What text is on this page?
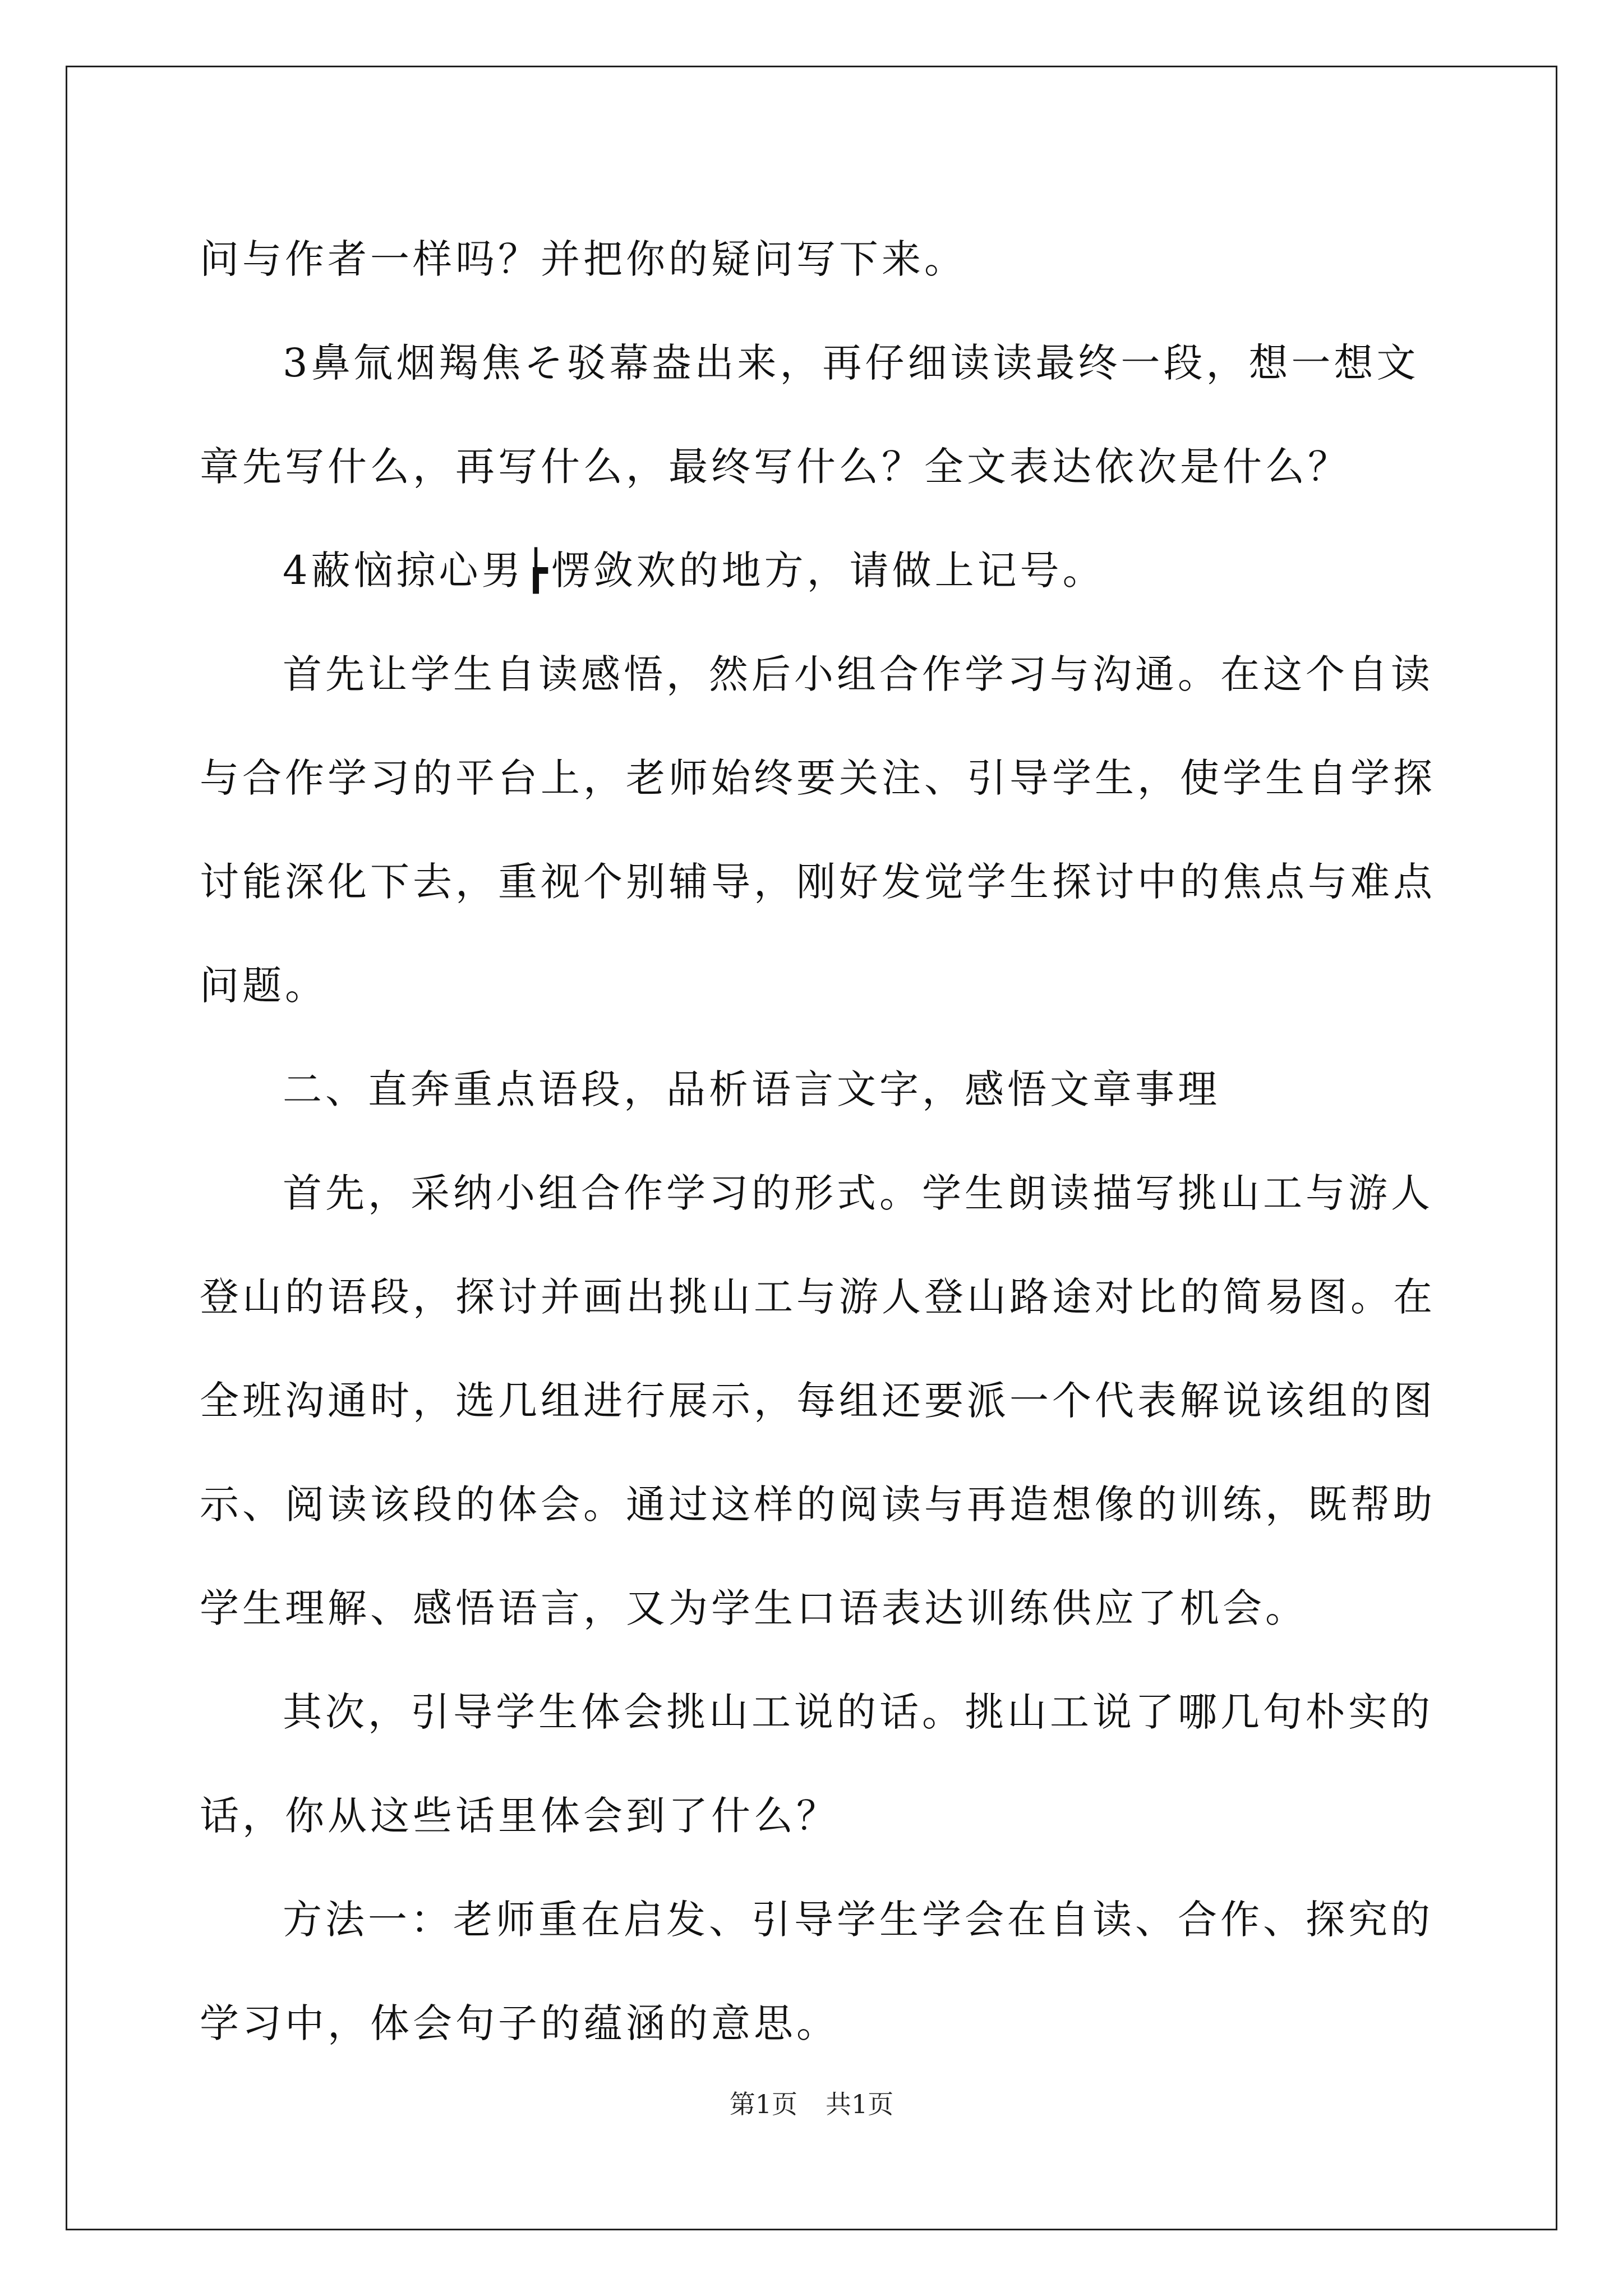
问与作者一样吗？并把你的疑问写下来。

3鼻氚烟羯焦そ驳幕盎出来，再仔细读读最终一段，想一想文章先写什么，再写什么，最终写什么？全文表达依次是什么？

4蔽恼掠心男┢愣敛欢的地方，请做上记号。

首先让学生自读感悟，然后小组合作学习与沟通。在这个自读与合作学习的平台上，老师始终要关注、引导学生，使学生自学探讨能深化下去，重视个别辅导，刚好发觉学生探讨中的焦点与难点问题。

二、直奔重点语段，品析语言文字，感悟文章事理

首先，采纳小组合作学习的形式。学生朗读描写挑山工与游人登山的语段，探讨并画出挑山工与游人登山路途对比的简易图。在全班沟通时，选几组进行展示，每组还要派一个代表解说该组的图示、阅读该段的体会。通过这样的阅读与再造想像的训练，既帮助学生理解、感悟语言，又为学生口语表达训练供应了机会。

其次，引导学生体会挑山工说的话。挑山工说了哪几句朴实的话，你从这些话里体会到了什么？

方法一：老师重在启发、引导学生学会在自读、合作、探究的学习中，体会句子的蕴涵的意思。

第1页 共1页
